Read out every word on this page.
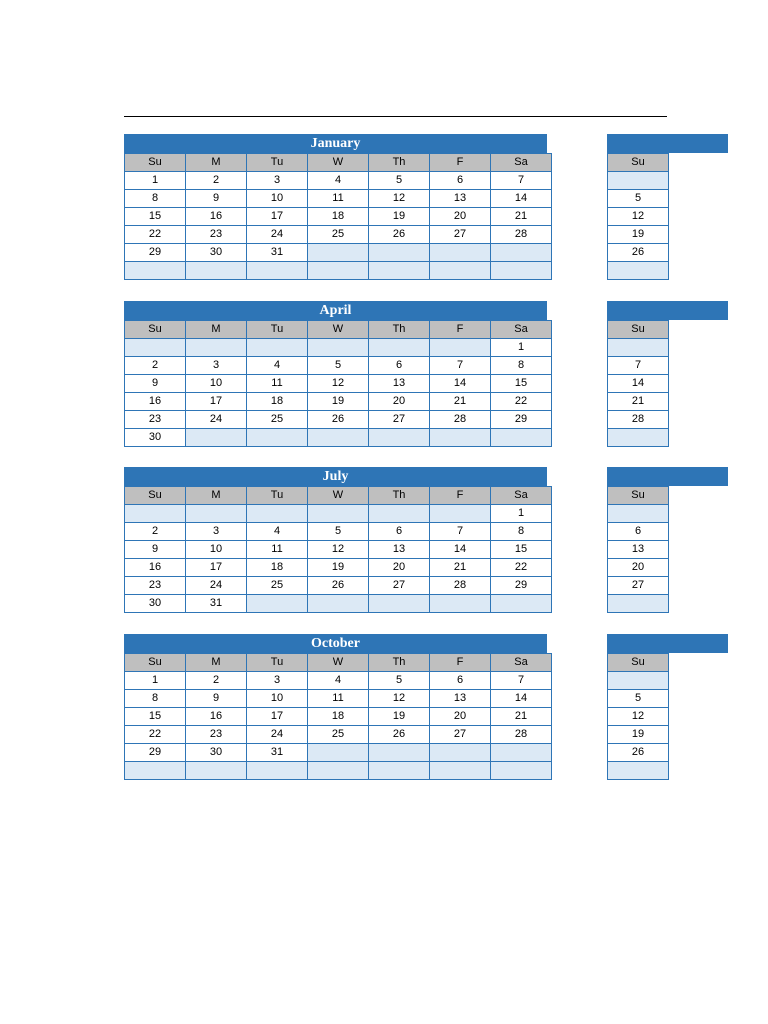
January
Su	M	Tu	W	Th	F	Sa
1	2	3	4	5	6	7
8	9	10	11	12	13	14
15	16	17	18	19	20	21
22	23	24	25	26	27	28
29	30	31				

April
Su	M	Tu	W	Th	F	Sa
						1
2	3	4	5	6	7	8
9	10	11	12	13	14	15
16	17	18	19	20	21	22
23	24	25	26	27	28	29
30						
July
Su	M	Tu	W	Th	F	Sa
						1
2	3	4	5	6	7	8
9	10	11	12	13	14	15
16	17	18	19	20	21	22
23	24	25	26	27	28	29
30	31					
October
Su	M	Tu	W	Th	F	Sa
1	2	3	4	5	6	7
8	9	10	11	12	13	14
15	16	17	18	19	20	21
22	23	24	25	26	27	28
29	30	31				

Su

5
12
19
26

Su

7
14
21
28

Su

6
13
20
27

Su

5
12
19
26
